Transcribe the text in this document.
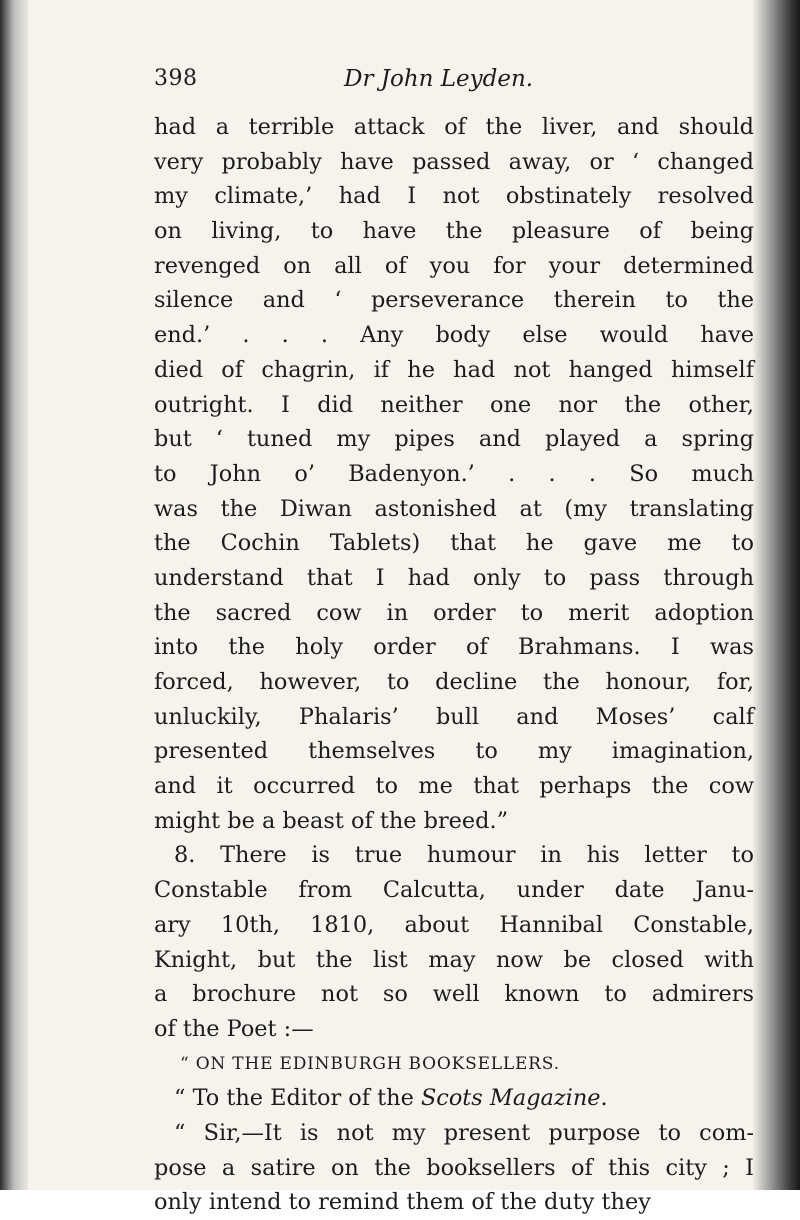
398	Dr John Leyden.
had a terrible attack of the liver, and should
very probably have passed away, or ‘ changed
my climate,’ had I not obstinately resolved
on living, to have the pleasure of being
revenged on all of you for your determined
silence and ‘ perseverance therein to the
end.’ . . . Any body else would have
died of chagrin, if he had not hanged himself
outright. I did neither one nor the other,
but ‘ tuned my pipes and played a spring
to John o’ Badenyon.’ . . . So much
was the Diwan astonished at (my translating
the Cochin Tablets) that he gave me to
understand that I had only to pass through
the sacred cow in order to merit adoption
into the holy order of Brahmans. I was
forced, however, to decline the honour, for,
unluckily, Phalaris’ bull and Moses’ calf
presented themselves to my imagination,
and it occurred to me that perhaps the cow
might be a beast of the breed.”
8. There is true humour in his letter to
Constable from Calcutta, under date Janu-
ary 10th, 1810, about Hannibal Constable,
Knight, but the list may now be closed with
a brochure not so well known to admirers
of the Poet :—
“ ON THE EDINBURGH BOOKSELLERS.
“ To the Editor of the Scots Magazine.
“ Sir,—It is not my present purpose to com-
pose a satire on the booksellers of this city ; I
only intend to remind them of the duty they
